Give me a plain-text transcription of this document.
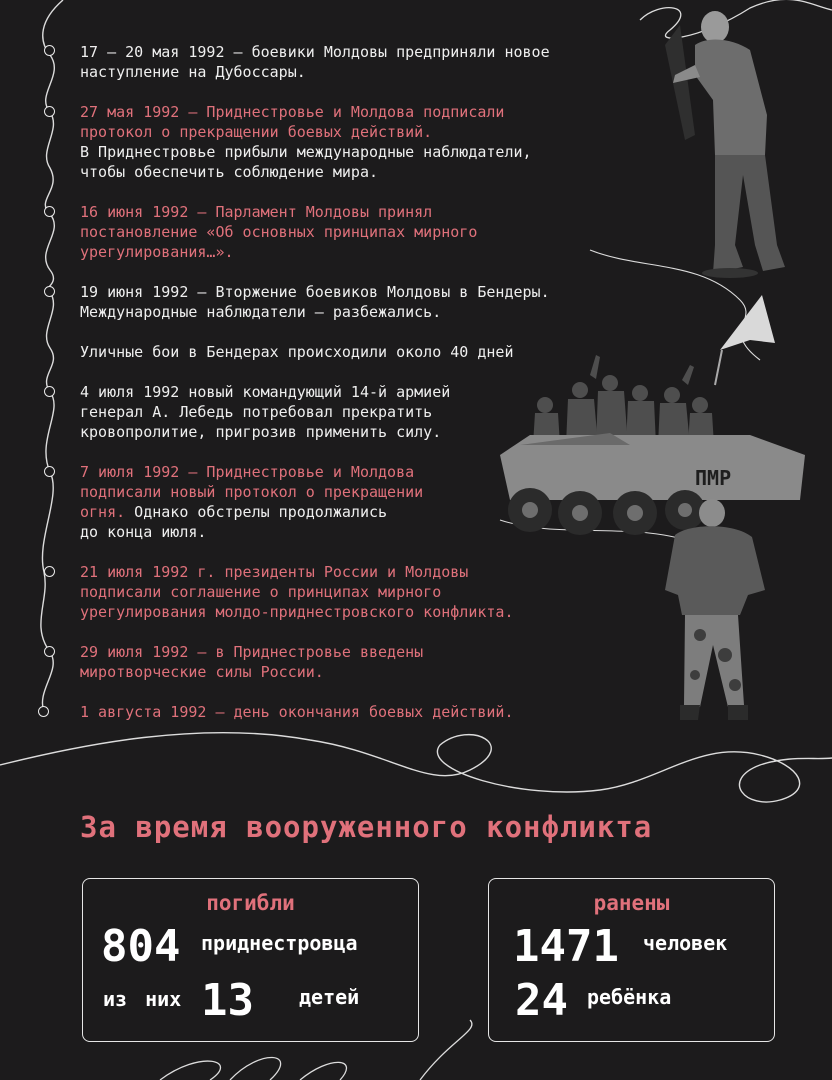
ПМР
17 – 20 мая 1992 – боевики Молдовы предприняли новое
наступление на Дубоссары.
27 мая 1992 – Приднестровье и Молдова подписали
протокол о прекращении боевых действий.
В Приднестровье прибыли международные наблюдатели,
чтобы обеспечить соблюдение мира.
16 июня 1992 – Парламент Молдовы принял
постановление «Об основных принципах мирного
урегулирования…».
19 июня 1992 – Вторжение боевиков Молдовы в Бендеры.
Международные наблюдатели – разбежались.
Уличные бои в Бендерах происходили около 40 дней
4 июля 1992 новый командующий 14-й армией
генерал А. Лебедь потребовал прекратить
кровопролитие, пригрозив применить силу.
7 июля 1992 – Приднестровье и Молдова
подписали новый протокол о прекращении
огня. Однако обстрелы продолжались
до конца июля.
21 июля 1992 г. президенты России и Молдовы
подписали соглашение о принципах мирного
урегулирования молдо-приднестровского конфликта.
29 июля 1992 – в Приднестровье введены
миротворческие силы России.
1 августа 1992 – день окончания боевых действий.
За время вооруженного конфликта
погибли
804 приднестровца
из них 13 детей
ранены
1471 человек
24 ребёнка
